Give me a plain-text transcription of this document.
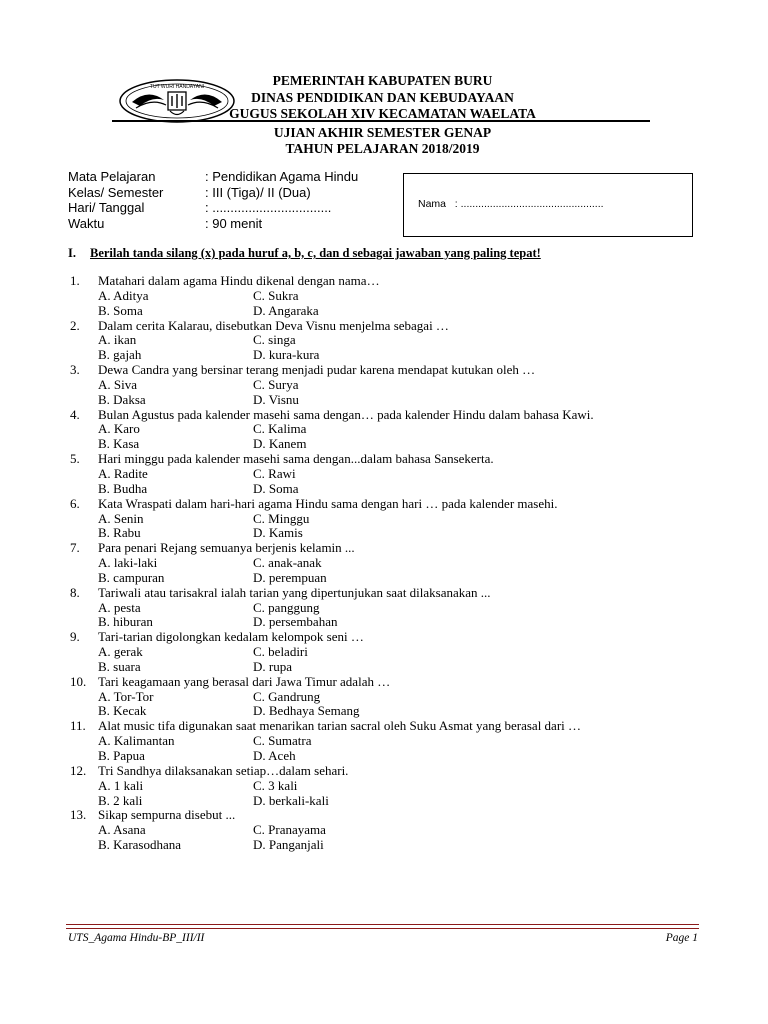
TUT WURI HANDAYANI	PEMERINTAH KABUPATEN BURU
DINAS PENDIDIKAN DAN KEBUDAYAAN
GUGUS SEKOLAH XIV KECAMATAN WAELATA
UJIAN AKHIR SEMESTER GENAP
TAHUN PELAJARAN 2018/2019
Mata Pelajaran	: Pendidikan Agama Hindu
Kelas/ Semester	: III (Tiga)/ II (Dua)
Hari/ Tanggal	: .................................
Waktu	: 90 menit
Nama : .................................................
I. Berilah tanda silang (x) pada huruf a, b, c, dan d sebagai jawaban yang paling tepat!
1.	Matahari dalam agama Hindu dikenal dengan nama…
A. Aditya	C. Sukra
B. Soma	D. Angaraka
2.	Dalam cerita Kalarau, disebutkan Deva Visnu menjelma sebagai …
A. ikan	C. singa
B. gajah	D. kura-kura
3.	Dewa Candra yang bersinar terang menjadi pudar karena mendapat kutukan oleh …
A. Siva	C. Surya
B. Daksa	D. Visnu
4.	Bulan Agustus pada kalender masehi sama dengan… pada kalender Hindu dalam bahasa Kawi.
A. Karo	C. Kalima
B. Kasa	D. Kanem
5.	Hari minggu pada kalender masehi sama dengan...dalam bahasa Sansekerta.
A. Radite	C. Rawi
B. Budha	D. Soma
6.	Kata Wraspati dalam hari-hari agama Hindu sama dengan hari … pada kalender masehi.
A. Senin	C. Minggu
B. Rabu	D. Kamis
7.	Para penari Rejang semuanya berjenis kelamin ...
A. laki-laki	C. anak-anak
B. campuran	D. perempuan
8.	Tariwali atau tarisakral ialah tarian yang dipertunjukan saat dilaksanakan ...
A. pesta	C. panggung
B. hiburan	D. persembahan
9.	Tari-tarian digolongkan kedalam kelompok seni …
A. gerak	C. beladiri
B. suara	D. rupa
10. Tari keagamaan yang berasal dari Jawa Timur adalah …
A. Tor-Tor	C. Gandrung
B. Kecak	D. Bedhaya Semang
11. Alat music tifa digunakan saat menarikan tarian sacral oleh Suku Asmat yang berasal dari …
A. Kalimantan	C. Sumatra
B. Papua	D. Aceh
12. Tri Sandhya dilaksanakan setiap…dalam sehari.
A. 1 kali	C. 3 kali
B. 2 kali	D. berkali-kali
13. Sikap sempurna disebut ...
A. Asana	C. Pranayama
B. Karasodhana	D. Panganjali
UTS_Agama Hindu-BP_III/II	Page 1
